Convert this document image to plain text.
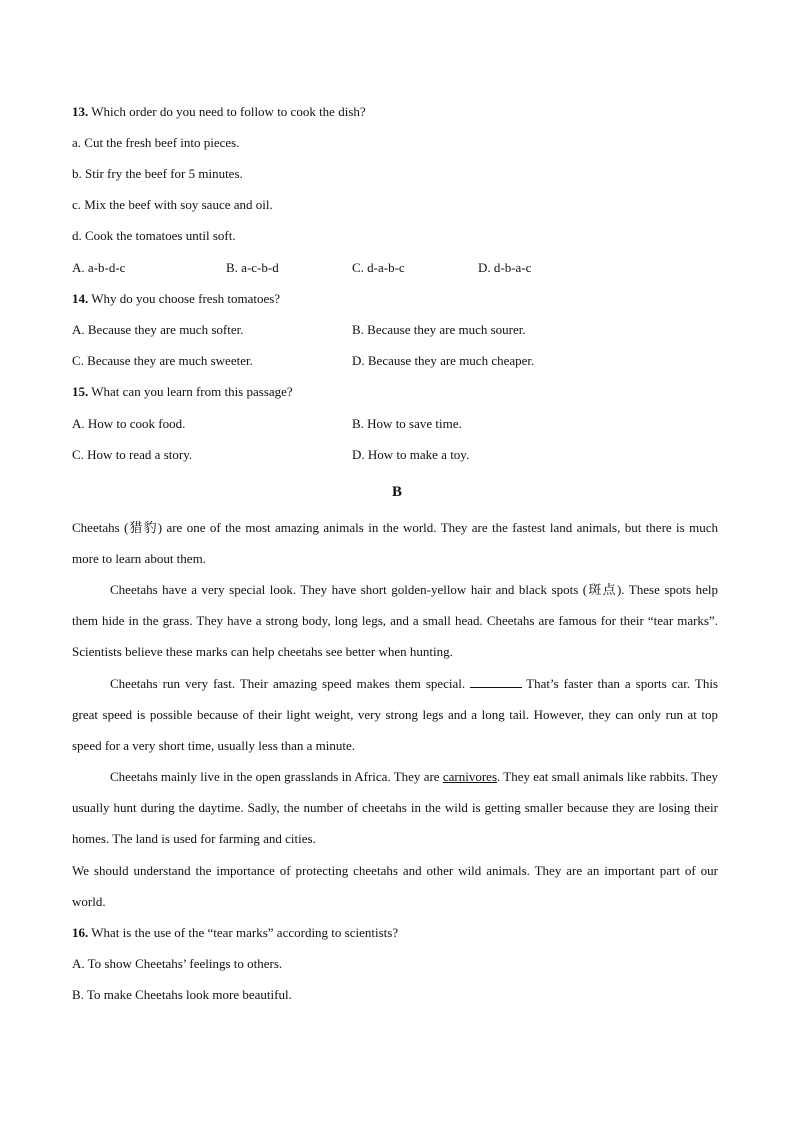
13. Which order do you need to follow to cook the dish?
a. Cut the fresh beef into pieces.
b. Stir fry the beef for 5 minutes.
c. Mix the beef with soy sauce and oil.
d. Cook the tomatoes until soft.
A. a-b-d-c	B. a-c-b-d	C. d-a-b-c	D. d-b-a-c
14. Why do you choose fresh tomatoes?
A. Because they are much softer.	B. Because they are much sourer.
C. Because they are much sweeter.	D. Because they are much cheaper.
15. What can you learn from this passage?
A. How to cook food.	B. How to save time.
C. How to read a story.	D. How to make a toy.
B
Cheetahs (猎豹) are one of the most amazing animals in the world. They are the fastest land animals, but there is much more to learn about them.
Cheetahs have a very special look. They have short golden-yellow hair and black spots (斑点). These spots help them hide in the grass. They have a strong body, long legs, and a small head. Cheetahs are famous for their “tear marks”. Scientists believe these marks can help cheetahs see better when hunting.
Cheetahs run very fast. Their amazing speed makes them special.	That’s faster than a sports car. This great speed is possible because of their light weight, very strong legs and a long tail. However, they can only run at top speed for a very short time, usually less than a minute.
Cheetahs mainly live in the open grasslands in Africa. They are carnivores. They eat small animals like rabbits. They usually hunt during the daytime. Sadly, the number of cheetahs in the wild is getting smaller because they are losing their homes. The land is used for farming and cities.
We should understand the importance of protecting cheetahs and other wild animals. They are an important part of our world.
16. What is the use of the “tear marks” according to scientists?
A. To show Cheetahs’ feelings to others.
B. To make Cheetahs look more beautiful.
